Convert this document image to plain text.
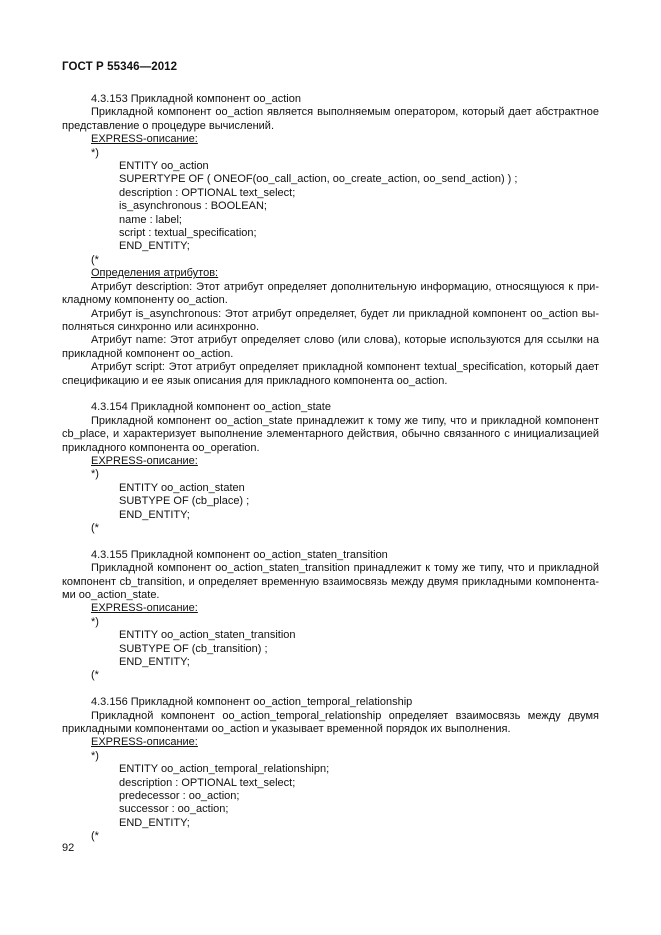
ГОСТ Р 55346—2012

4.3.153 Прикладной компонент oo_action

Прикладной компонент oo_action является выполняемым оператором, который дает абстрактное представление о процедуре вычислений.

EXPRESS-описание:

*)

ENTITY oo_action

SUPERTYPE OF ( ONEOF(oo_call_action, oo_create_action, oo_send_action) ) ;

description : OPTIONAL text_select;

is_asynchronous : BOOLEAN;

name : label;

script : textual_specification;

END_ENTITY;

(*

Определения атрибутов:

Атрибут description: Этот атрибут определяет дополнительную информацию, относящуюся к при-кладному компоненту oo_action.

Атрибут is_asynchronous: Этот атрибут определяет, будет ли прикладной компонент oo_action вы-полняться синхронно или асинхронно.

Атрибут name: Этот атрибут определяет слово (или слова), которые используются для ссылки на прикладной компонент oo_action.

Атрибут script: Этот атрибут определяет прикладной компонент textual_specification, который дает спецификацию и ее язык описания для прикладного компонента oo_action.

4.3.154 Прикладной компонент oo_action_state

Прикладной компонент oo_action_state принадлежит к тому же типу, что и прикладной компонент cb_place, и характеризует выполнение элементарного действия, обычно связанного с инициализацией прикладного компонента oo_operation.

EXPRESS-описание:

*)

ENTITY oo_action_staten

SUBTYPE OF (cb_place) ;

END_ENTITY;

(*

4.3.155 Прикладной компонент oo_action_staten_transition

Прикладной компонент oo_action_staten_transition принадлежит к тому же типу, что и прикладной компонент cb_transition, и определяет временную взаимосвязь между двумя прикладными компонента-ми oo_action_state.

EXPRESS-описание:

*)

ENTITY oo_action_staten_transition

SUBTYPE OF (cb_transition) ;

END_ENTITY;

(*

4.3.156 Прикладной компонент oo_action_temporal_relationship

Прикладной компонент oo_action_temporal_relationship определяет взаимосвязь между двумя прикладными компонентами oo_action и указывает временной порядок их выполнения.

EXPRESS-описание:

*)

ENTITY oo_action_temporal_relationshipn;

description : OPTIONAL text_select;

predecessor : oo_action;

successor : oo_action;

END_ENTITY;

(*

92
